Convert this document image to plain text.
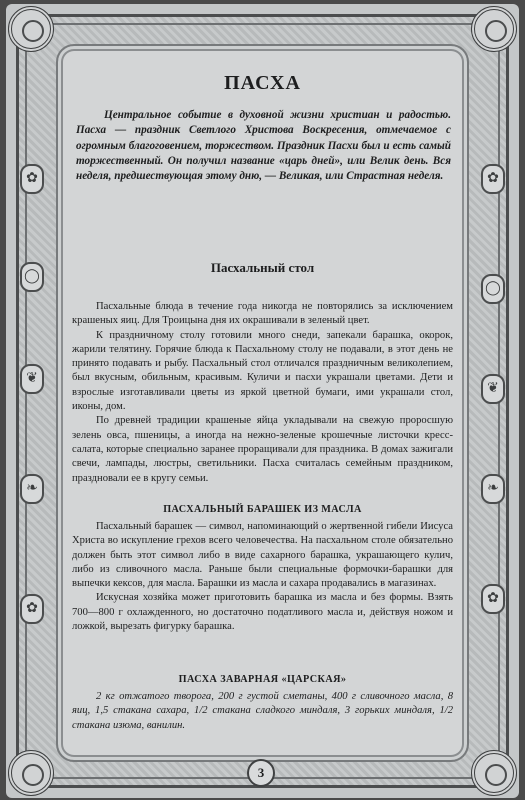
✿
◯
❦
❧
✿
✿
◯
❦
❧
✿
ПАСХА
Центральное событие в духовной жизни христиан и радостью. Пасха — праздник Светлого Христова Воскресения, отмечаемое с огромным благоговением, торжеством. Праздник Пасхи был и есть самый торжественный. Он получил название «царь дней», или Велик день. Вся неделя, предшествующая этому дню, — Великая, или Страстная неделя.
Пасхальный стол

Пасхальные блюда в течение года никогда не повторялись за исключением крашеных яиц. Для Троицына дня их окрашивали в зеленый цвет.

К праздничному столу готовили много снеди, запекали барашка, окорок, жарили телятину. Горячие блюда к Пасхальному столу не подавали, в этот день не принято подавать и рыбу. Пасхальный стол отличался праздничным великолепием, был вкусным, обильным, красивым. Куличи и пасхи украшали цветами. Дети и взрослые изготавливали цветы из яркой цветной бумаги, ими украшали стол, иконы, дом.

По древней традиции крашеные яйца укладывали на свежую проросшую зелень овса, пшеницы, а иногда на нежно-зеленые крошечные листочки кресс-салата, которые специально заранее проращивали для праздника. В домах зажигали свечи, лампады, люстры, светильники. Пасха считалась семейным праздником, праздновали ее в кругу семьи.

ПАСХАЛЬНЫЙ БАРАШЕК ИЗ МАСЛА

Пасхальный барашек — символ, напоминающий о жертвенной гибели Иисуса Христа во искупление грехов всего человечества. На пасхальном столе обязательно должен быть этот символ либо в виде сахарного барашка, украшающего кулич, либо из сливочного масла. Раньше были специальные формочки-барашки для выпечки кексов, для масла. Барашки из масла и сахара продавались в магазинах.

Искусная хозяйка может приготовить барашка из масла и без формы. Взять 700—800 г охлажденного, но достаточно податливого масла и, действуя ножом и ложкой, вырезать фигурку барашка.

ПАСХА ЗАВАРНАЯ «ЦАРСКАЯ»

2 кг отжатого творога, 200 г густой сметаны, 400 г сливочного масла, 8 яиц, 1,5 стакана сахара, 1/2 стакана сладкого миндаля, 3 горьких миндаля, 1/2 стакана изюма, ванилин.

3
